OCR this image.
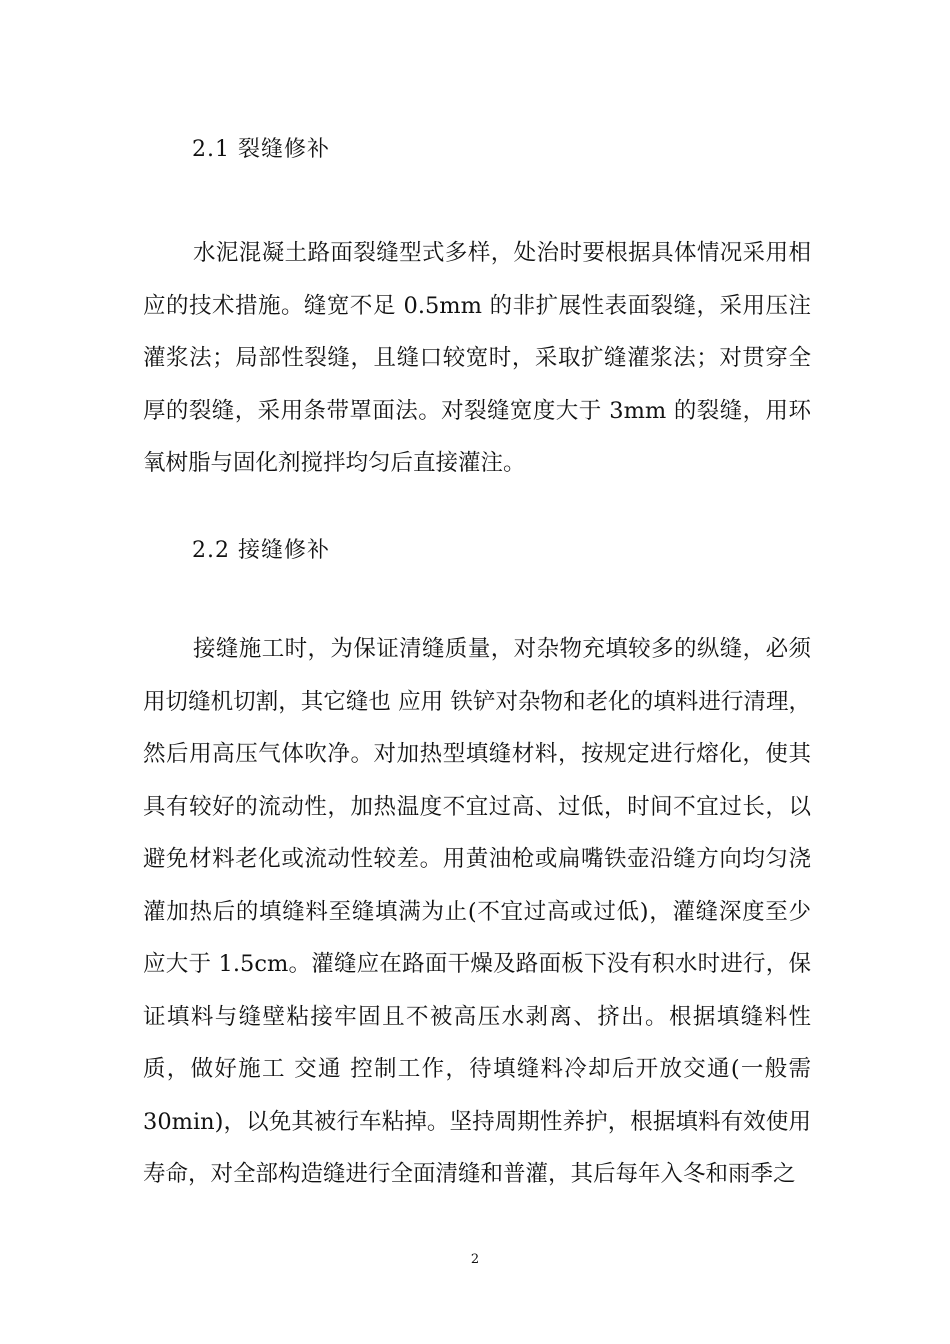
2.1 裂缝修补

水泥混凝土路面裂缝型式多样，处治时要根据具体情况采用相应的技术措施。缝宽不足 0.5mm 的非扩展性表面裂缝，采用压注灌浆法；局部性裂缝，且缝口较宽时，采取扩缝灌浆法；对贯穿全厚的裂缝，采用条带罩面法。对裂缝宽度大于 3mm 的裂缝，用环氧树脂与固化剂搅拌均匀后直接灌注。

2.2 接缝修补

接缝施工时，为保证清缝质量，对杂物充填较多的纵缝，必须用切缝机切割，其它缝也 应用 铁铲对杂物和老化的填料进行清理，然后用高压气体吹净。对加热型填缝材料，按规定进行熔化，使其具有较好的流动性，加热温度不宜过高、过低，时间不宜过长，以避免材料老化或流动性较差。用黄油枪或扁嘴铁壶沿缝方向均匀浇灌加热后的填缝料至缝填满为止(不宜过高或过低)，灌缝深度至少应大于 1.5cm。灌缝应在路面干燥及路面板下没有积水时进行，保证填料与缝壁粘接牢固且不被高压水剥离、挤出。根据填缝料性质，做好施工 交通 控制工作，待填缝料冷却后开放交通(一般需 30min)，以免其被行车粘掉。坚持周期性养护，根据填料有效使用寿命，对全部构造缝进行全面清缝和普灌，其后每年入冬和雨季之

2
